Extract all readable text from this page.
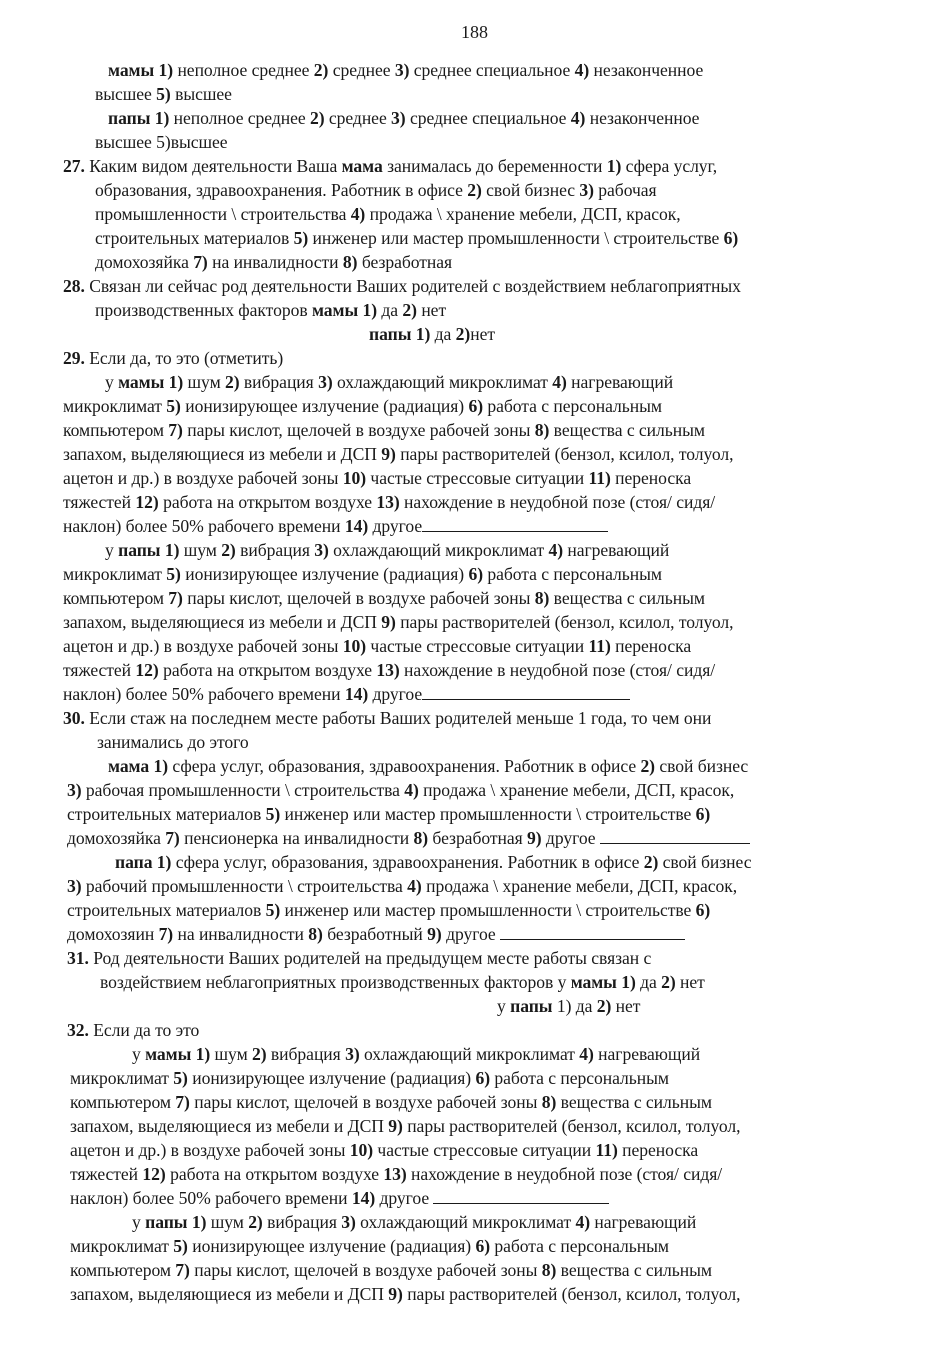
188
мамы 1) неполное среднее 2) среднее 3) среднее специальное 4) незаконченное
высшее 5) высшее
папы 1) неполное среднее 2) среднее 3) среднее специальное 4) незаконченное
высшее 5)высшее
27. Каким видом деятельности Ваша мама занималась до беременности 1) сфера услуг,
образования, здравоохранения. Работник в офисе 2) свой бизнес 3) рабочая
промышленности \ строительства 4) продажа \ хранение мебели, ДСП, красок,
строительных материалов 5) инженер или мастер промышленности \ строительстве 6)
домохозяйка 7) на инвалидности 8) безработная
28. Связан ли сейчас род деятельности Ваших родителей с воздействием неблагоприятных
производственных факторов мамы 1) да 2) нет
папы 1) да 2)нет
29. Если да, то это (отметить)
у мамы 1) шум 2) вибрация 3) охлаждающий микроклимат 4) нагревающий
микроклимат 5) ионизирующее излучение (радиация) 6) работа с персональным
компьютером 7) пары кислот, щелочей в воздухе рабочей зоны 8) вещества с сильным
запахом, выделяющиеся из мебели и ДСП 9) пары растворителей (бензол, ксилол, толуол,
ацетон и др.) в воздухе рабочей зоны 10) частые стрессовые ситуации 11) переноска
тяжестей 12) работа на открытом воздухе 13) нахождение в неудобной позе (стоя/ сидя/
наклон) более 50% рабочего времени 14) другое
у папы 1) шум 2) вибрация 3) охлаждающий микроклимат 4) нагревающий
микроклимат 5) ионизирующее излучение (радиация) 6) работа с персональным
компьютером 7) пары кислот, щелочей в воздухе рабочей зоны 8) вещества с сильным
запахом, выделяющиеся из мебели и ДСП 9) пары растворителей (бензол, ксилол, толуол,
ацетон и др.) в воздухе рабочей зоны 10) частые стрессовые ситуации 11) переноска
тяжестей 12) работа на открытом воздухе 13) нахождение в неудобной позе (стоя/ сидя/
наклон) более 50% рабочего времени 14) другое
30. Если стаж на последнем месте работы Ваших родителей меньше 1 года, то чем они
занимались до этого
мама 1) сфера услуг, образования, здравоохранения. Работник в офисе 2) свой бизнес
3) рабочая промышленности \ строительства 4) продажа \ хранение мебели, ДСП, красок,
строительных материалов 5) инженер или мастер промышленности \ строительстве 6)
домохозяйка 7) пенсионерка на инвалидности 8) безработная 9) другое
папа 1) сфера услуг, образования, здравоохранения. Работник в офисе 2) свой бизнес
3) рабочий промышленности \ строительства 4) продажа \ хранение мебели, ДСП, красок,
строительных материалов 5) инженер или мастер промышленности \ строительстве 6)
домохозяин 7) на инвалидности 8) безработный 9) другое
31. Род деятельности Ваших родителей на предыдущем месте работы связан с
воздействием неблагоприятных производственных факторов у мамы 1) да 2) нет
у папы 1) да 2) нет
32. Если да то это
у мамы 1) шум 2) вибрация 3) охлаждающий микроклимат 4) нагревающий
микроклимат 5) ионизирующее излучение (радиация) 6) работа с персональным
компьютером 7) пары кислот, щелочей в воздухе рабочей зоны 8) вещества с сильным
запахом, выделяющиеся из мебели и ДСП 9) пары растворителей (бензол, ксилол, толуол,
ацетон и др.) в воздухе рабочей зоны 10) частые стрессовые ситуации 11) переноска
тяжестей 12) работа на открытом воздухе 13) нахождение в неудобной позе (стоя/ сидя/
наклон) более 50% рабочего времени 14) другое
у папы 1) шум 2) вибрация 3) охлаждающий микроклимат 4) нагревающий
микроклимат 5) ионизирующее излучение (радиация) 6) работа с персональным
компьютером 7) пары кислот, щелочей в воздухе рабочей зоны 8) вещества с сильным
запахом, выделяющиеся из мебели и ДСП 9) пары растворителей (бензол, ксилол, толуол,
